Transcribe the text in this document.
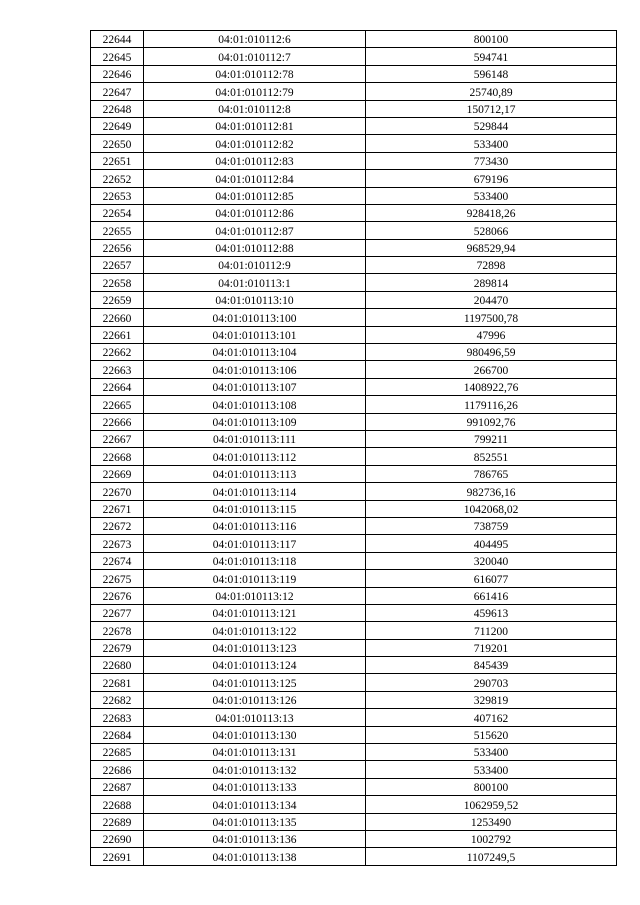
22644	04:01:010112:6	800100
22645	04:01:010112:7	594741
22646	04:01:010112:78	596148
22647	04:01:010112:79	25740,89
22648	04:01:010112:8	150712,17
22649	04:01:010112:81	529844
22650	04:01:010112:82	533400
22651	04:01:010112:83	773430
22652	04:01:010112:84	679196
22653	04:01:010112:85	533400
22654	04:01:010112:86	928418,26
22655	04:01:010112:87	528066
22656	04:01:010112:88	968529,94
22657	04:01:010112:9	72898
22658	04:01:010113:1	289814
22659	04:01:010113:10	204470
22660	04:01:010113:100	1197500,78
22661	04:01:010113:101	47996
22662	04:01:010113:104	980496,59
22663	04:01:010113:106	266700
22664	04:01:010113:107	1408922,76
22665	04:01:010113:108	1179116,26
22666	04:01:010113:109	991092,76
22667	04:01:010113:111	799211
22668	04:01:010113:112	852551
22669	04:01:010113:113	786765
22670	04:01:010113:114	982736,16
22671	04:01:010113:115	1042068,02
22672	04:01:010113:116	738759
22673	04:01:010113:117	404495
22674	04:01:010113:118	320040
22675	04:01:010113:119	616077
22676	04:01:010113:12	661416
22677	04:01:010113:121	459613
22678	04:01:010113:122	711200
22679	04:01:010113:123	719201
22680	04:01:010113:124	845439
22681	04:01:010113:125	290703
22682	04:01:010113:126	329819
22683	04:01:010113:13	407162
22684	04:01:010113:130	515620
22685	04:01:010113:131	533400
22686	04:01:010113:132	533400
22687	04:01:010113:133	800100
22688	04:01:010113:134	1062959,52
22689	04:01:010113:135	1253490
22690	04:01:010113:136	1002792
22691	04:01:010113:138	1107249,5
